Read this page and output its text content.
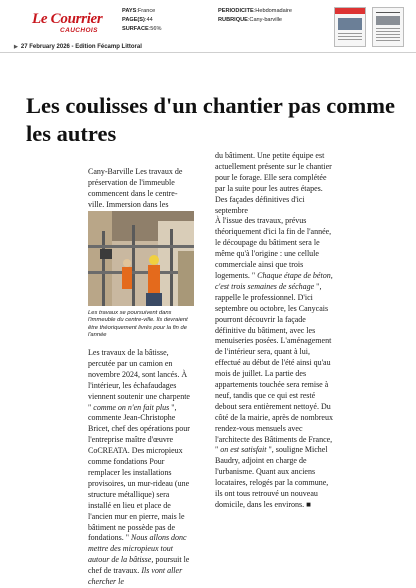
Le Courrier
CAUCHOIS
PAYS:France
PAGE(S):44
SURFACE:56%
PERIODICITE:Hebdomadaire
RUBRIQUE:Cany-barville
▶ 27 February 2026 - Edition Fécamp Littoral
Les coulisses d'un chantier pas comme les autres
Cany-Barville Les travaux de préservation de l'immeuble commencent dans le centre-ville. Immersion dans les
Les travaux se poursuivent dans l'immeuble du centre-ville. Ils devraient être théoriquement livrés pour la fin de l'année

Les travaux de la bâtisse, percutée par un camion en novembre 2024, sont lancés. À l'intérieur, les échafaudages viennent soutenir une charpente " comme on n'en fait plus ", commente Jean-Christophe Bricet, chef des opérations pour l'entreprise maître d'œuvre CoCREATA. Des micropieux comme fondations Pour remplacer les installations provisoires, un mur-rideau (une structure métallique) sera installé en lieu et place de l'ancien mur en pierre, mais le bâtiment ne possède pas de fondations. " Nous allons donc mettre des micropieux tout autour de la bâtisse, poursuit le chef de travaux. Ils vont aller chercher le

du bâtiment. Une petite équipe est actuellement présente sur le chantier pour le forage. Elle sera complétée par la suite pour les autres étapes. Des façades définitives d'ici septembre

À l'issue des travaux, prévus théoriquement d'ici la fin de l'année, le découpage du bâtiment sera le même qu'à l'origine : une cellule commerciale ainsi que trois logements. " Chaque étape de béton, c'est trois semaines de séchage ", rappelle le professionnel. D'ici septembre ou octobre, les Canycais pourront découvrir la façade définitive du bâtiment, avec les menuiseries posées. L'aménagement de l'intérieur sera, quant à lui, effectué au début de l'été ainsi qu'au mois de juillet. La partie des appartements touchée sera remise à neuf, tandis que ce qui est resté debout sera entièrement nettoyé. Du côté de la mairie, après de nombreux rendez-vous mensuels avec l'architecte des Bâtiments de France, " on est satisfait ", souligne Michel Baudry, adjoint en charge de l'urbanisme. Quant aux anciens locataires, relogés par la commune, ils ont tous retrouvé un nouveau domicile, dans les environs. ■
